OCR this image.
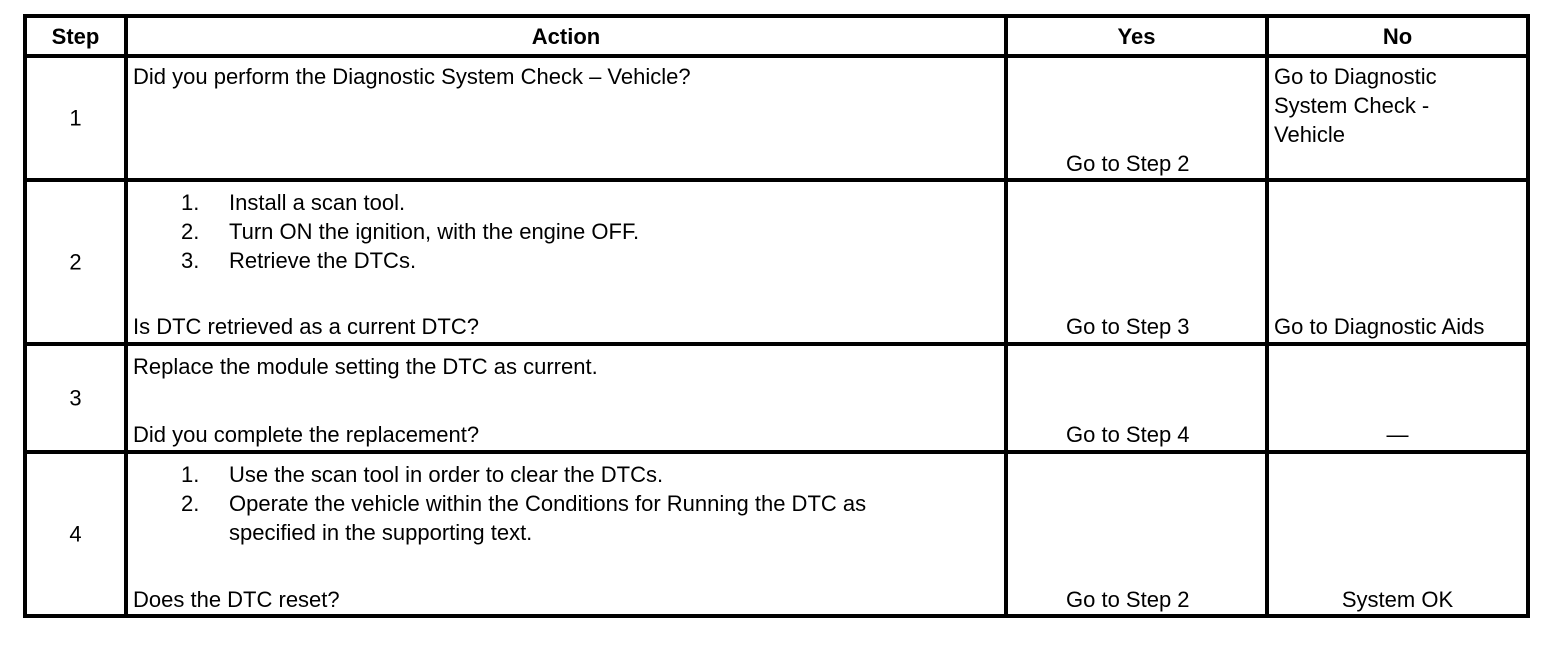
Step	Action	Yes	No

1	Did you perform the Diagnostic System Check – Vehicle?	Go to Step 2	Go to Diagnostic
System Check -
Vehicle

2	1. Install a scan tool.
2. Turn ON the ignition, with the engine OFF.
3. Retrieve the DTCs.
Is DTC retrieved as a current DTC?	Go to Step 3	Go to Diagnostic Aids

3	Replace the module setting the DTC as current.
Did you complete the replacement?	Go to Step 4	—

4	1. Use the scan tool in order to clear the DTCs.
2. Operate the vehicle within the Conditions for Running the DTC as
specified in the supporting text.
Does the DTC reset?	Go to Step 2	System OK
